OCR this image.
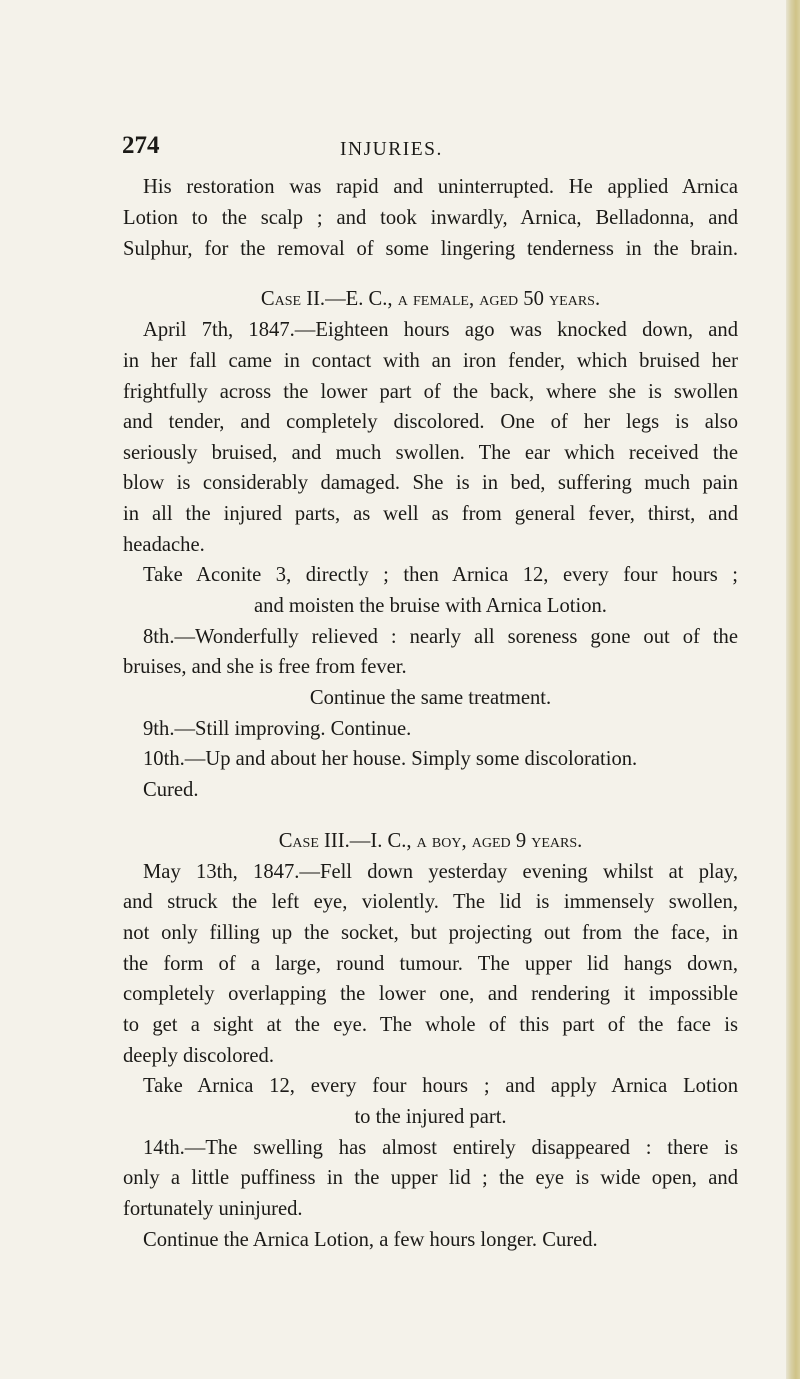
274	INJURIES.
His restoration was rapid and uninterrupted. He applied Arnica
Lotion to the scalp ; and took inwardly, Arnica, Belladonna, and
Sulphur, for the removal of some lingering tenderness in the brain.
Case II.—E. C., a female, aged 50 years.
April 7th, 1847.—Eighteen hours ago was knocked down, and
in her fall came in contact with an iron fender, which bruised her
frightfully across the lower part of the back, where she is swollen
and tender, and completely discolored. One of her legs is also
seriously bruised, and much swollen. The ear which received the
blow is considerably damaged. She is in bed, suffering much pain
in all the injured parts, as well as from general fever, thirst, and
headache.
Take Aconite 3, directly ; then Arnica 12, every four hours ;
and moisten the bruise with Arnica Lotion.
8th.—Wonderfully relieved : nearly all soreness gone out of the
bruises, and she is free from fever.
Continue the same treatment.
9th.—Still improving. Continue.
10th.—Up and about her house. Simply some discoloration.
Cured.
Case III.—I. C., a boy, aged 9 years.
May 13th, 1847.—Fell down yesterday evening whilst at play,
and struck the left eye, violently. The lid is immensely swollen,
not only filling up the socket, but projecting out from the face, in
the form of a large, round tumour. The upper lid hangs down,
completely overlapping the lower one, and rendering it impossible
to get a sight at the eye. The whole of this part of the face is
deeply discolored.
Take Arnica 12, every four hours ; and apply Arnica Lotion
to the injured part.
14th.—The swelling has almost entirely disappeared : there is
only a little puffiness in the upper lid ; the eye is wide open, and
fortunately uninjured.
Continue the Arnica Lotion, a few hours longer. Cured.
